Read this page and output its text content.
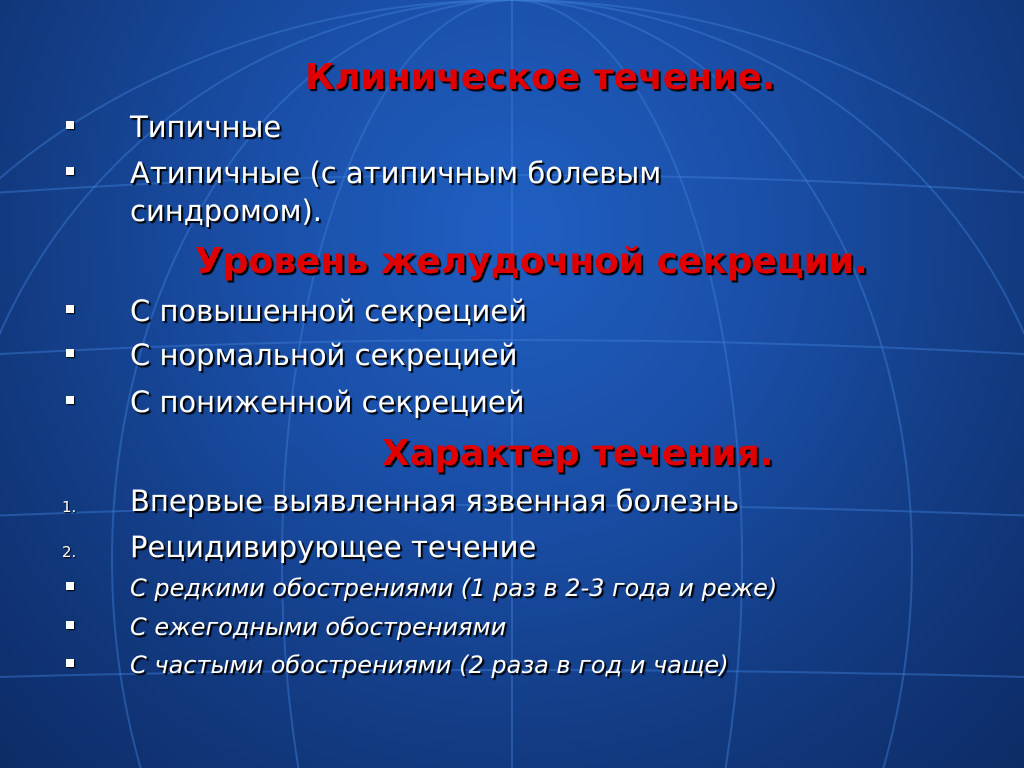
Клиническое течение.
Типичные
Атипичные (с атипичным болевым
синдромом).
Уровень желудочной секреции.
С повышенной секрецией
С нормальной секрецией
С пониженной секрецией
Характер течения.
1. Впервые выявленная язвенная болезнь
2. Рецидивирующее течение
С редкими обострениями (1 раз в 2-3 года и реже)
С ежегодными обострениями
С частыми обострениями (2 раза в год и чаще)
